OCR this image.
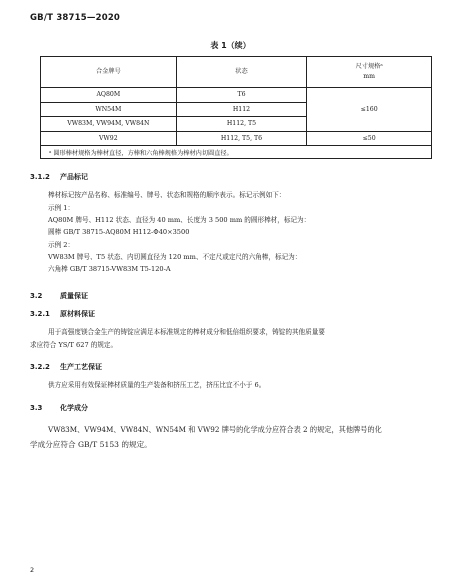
GB/T 38715—2020
表 1（续）
合金牌号	状态	尺寸规格ᵃ
mm

AQ80M	T6	≤160
WN54M	H112	
VW83M, VW94M, VW84N	H112, T5	
VW92	H112, T5, T6	≤50
ᵃ 圆形棒材规格为棒材直径，方棒和六角棒规格为棒材内切圆直径。		
3.1.2 产品标记
棒材标记按产品名称、标准编号、牌号、状态和规格的顺序表示。标记示例如下：
示例 1：
AQ80M 牌号、H112 状态、直径为 40 mm、长度为 3 500 mm 的圆形棒材，标记为：
圆棒 GB/T 38715-AQ80M H112-Φ40×3500
示例 2：
VW83M 牌号、T5 状态、内切圆直径为 120 mm、不定尺或定尺的六角棒，标记为：
六角棒 GB/T 38715-VW83M T5-120-A
3.2	质量保证
3.2.1 原材料保证
用于高强度镁合金生产的铸锭应满足本标准规定的棒材成分和低倍组织要求，铸锭的其他质量要
求应符合 YS/T 627 的规定。
3.2.2 生产工艺保证
供方应采用有效保证棒材质量的生产装备和挤压工艺，挤压比宜不小于 6。
3.3	化学成分
VW83M、VW94M、VW84N、WN54M 和 VW92 牌号的化学成分应符合表 2 的规定，其他牌号的化
学成分应符合 GB/T 5153 的规定。
2
